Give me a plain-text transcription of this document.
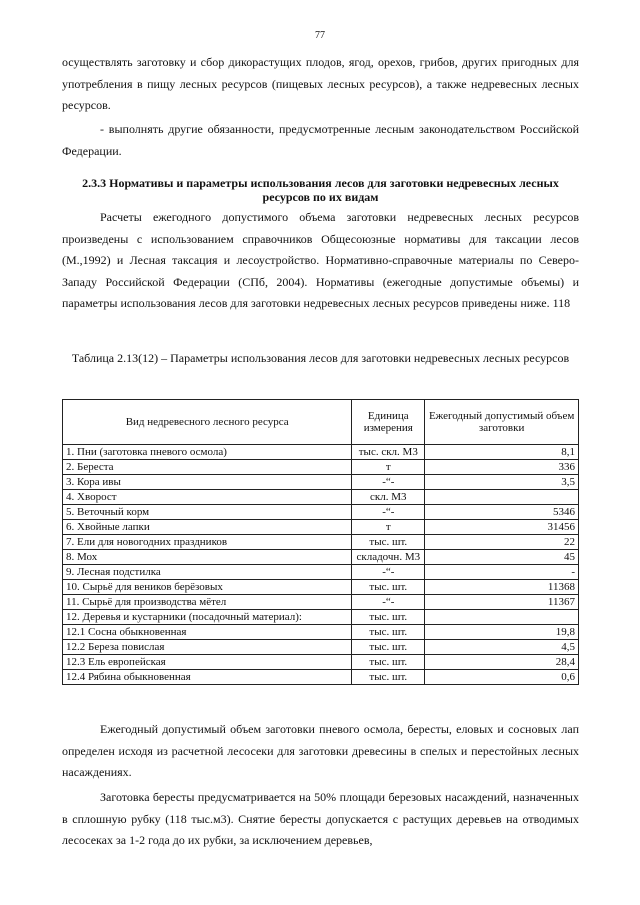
77

осуществлять заготовку и сбор дикорастущих плодов, ягод, орехов, грибов, других пригодных для употребления в пищу лесных ресурсов (пищевых лесных ресурсов), а также недревесных лесных ресурсов.

- выполнять другие обязанности, предусмотренные лесным законодательством Российской Федерации.

2.3.3 Нормативы и параметры использования лесов для заготовки недревесных лесных ресурсов по их видам

Расчеты ежегодного допустимого объема заготовки недревесных лесных ресурсов произведены с использованием справочников Общесоюзные нормативы для таксации лесов (М.,1992) и Лесная таксация и лесоустройство. Нормативно-справочные материалы по Северо-Западу Российской Федерации (СПб, 2004). Нормативы (ежегодные допустимые объемы) и параметры использования лесов для заготовки недревесных лесных ресурсов приведены ниже. 118

Таблица 2.13(12) – Параметры использования лесов для заготовки недревесных лесных ресурсов

Вид недревесного лесного ресурса	Единица измерения	Ежегодный допустимый объем заготовки
1. Пни (заготовка пневого осмола)	тыс. скл. М3	8,1
2. Береста	т	336
3. Кора ивы	-“-	3,5
4. Хворост	скл. М3	
5. Веточный корм	-“-	5346
6. Хвойные лапки	т	31456
7. Ели для новогодних праздников	тыс. шт.	22
8. Мох	складочн. М3	45
9. Лесная подстилка	-“-	-
10. Сырьё для веников берёзовых	тыс. шт.	11368
11. Сырьё для производства мётел	-“-	11367
12. Деревья и кустарники (посадочный материал):	тыс. шт.	
12.1 Сосна обыкновенная	тыс. шт.	19,8
12.2 Береза повислая	тыс. шт.	4,5
12.3 Ель европейская	тыс. шт.	28,4
12.4 Рябина обыкновенная	тыс. шт.	0,6

Ежегодный допустимый объем заготовки пневого осмола, бересты, еловых и сосновых лап определен исходя из расчетной лесосеки для заготовки древесины в спелых и перестойных лесных насаждениях.

Заготовка бересты предусматривается на 50% площади березовых насаждений, назначенных в сплошную рубку (118 тыс.м3). Снятие бересты допускается с растущих деревьев на отводимых лесосеках за 1-2 года до их рубки, за исключением деревьев,
